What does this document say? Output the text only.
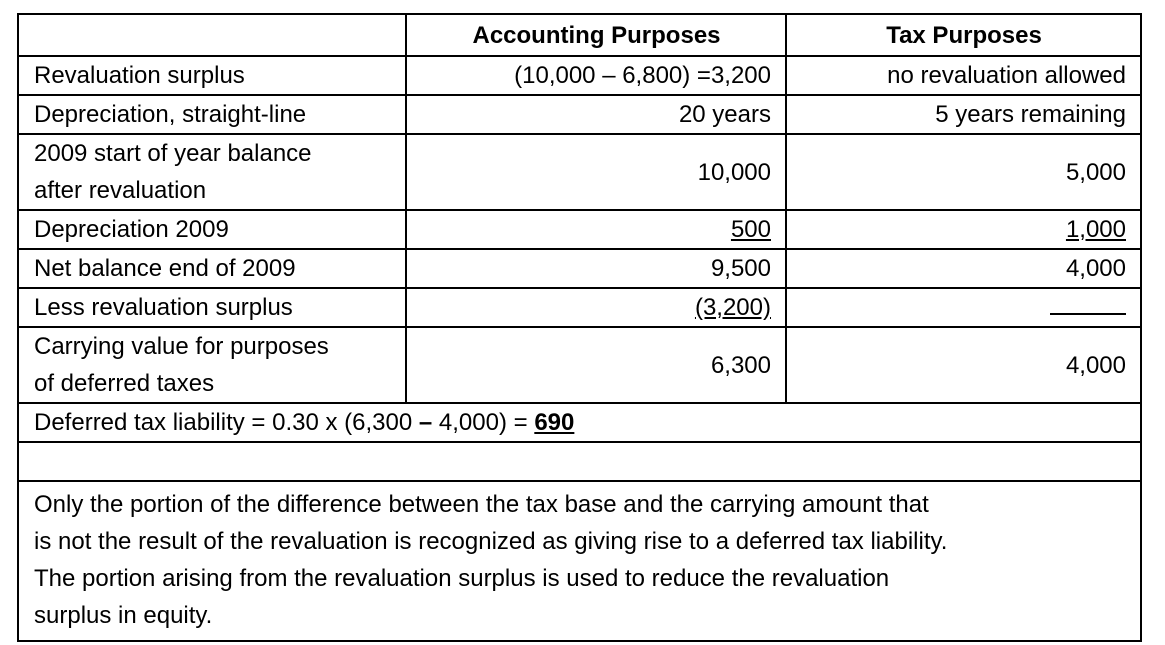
	Accounting Purposes	Tax Purposes
Revaluation surplus	(10,000 – 6,800) =3,200	no revaluation allowed
Depreciation, straight-line	20 years	5 years remaining
2009 start of year balance
after revaluation	10,000	5,000
Depreciation 2009	500	1,000
Net balance end of 2009	9,500	4,000
Less revaluation surplus	(3,200)	
Carrying value for purposes
of deferred taxes	6,300	4,000
Deferred tax liability = 0.30 x (6,300 – 4,000) = 690		

Only the portion of the difference between the tax base and the carrying amount that
is not the result of the revaluation is recognized as giving rise to a deferred tax liability.
The portion arising from the revaluation surplus is used to reduce the revaluation
surplus in equity.		
